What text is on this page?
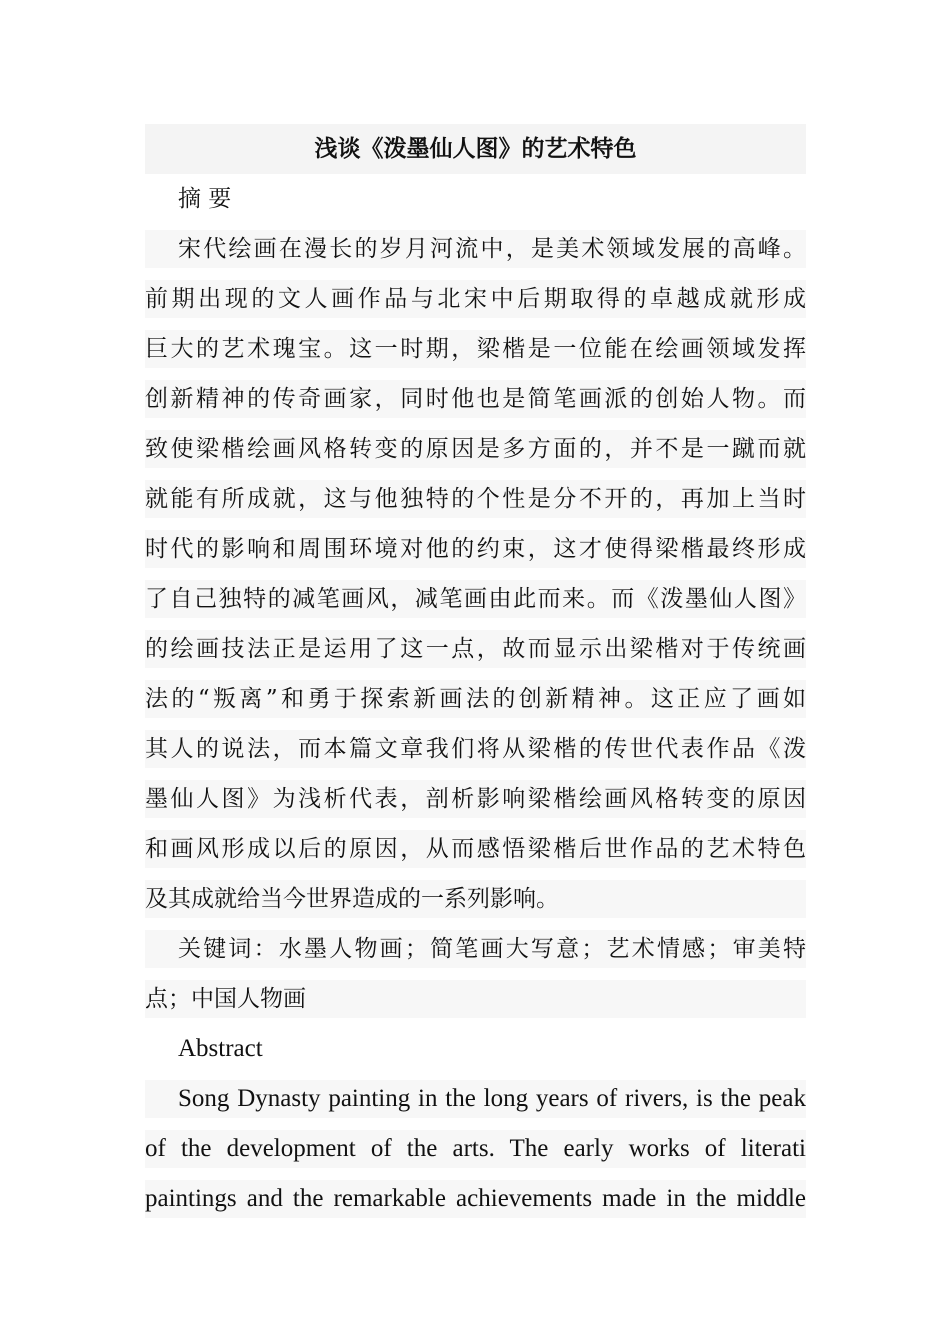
浅谈《泼墨仙人图》的艺术特色
摘 要
宋代绘画在漫长的岁月河流中，是美术领域发展的高峰。
前期出现的文人画作品与北宋中后期取得的卓越成就形成
巨大的艺术瑰宝。这一时期，梁楷是一位能在绘画领域发挥
创新精神的传奇画家，同时他也是简笔画派的创始人物。而
致使梁楷绘画风格转变的原因是多方面的，并不是一蹴而就
就能有所成就，这与他独特的个性是分不开的，再加上当时
时代的影响和周围环境对他的约束，这才使得梁楷最终形成
了自己独特的减笔画风，减笔画由此而来。而《泼墨仙人图》
的绘画技法正是运用了这一点，故而显示出梁楷对于传统画
法的“叛离”和勇于探索新画法的创新精神。这正应了画如
其人的说法，而本篇文章我们将从梁楷的传世代表作品《泼
墨仙人图》为浅析代表，剖析影响梁楷绘画风格转变的原因
和画风形成以后的原因，从而感悟梁楷后世作品的艺术特色
及其成就给当今世界造成的一系列影响。
关键词：水墨人物画；简笔画大写意；艺术情感；审美特
点；中国人物画
Abstract
Song Dynasty painting in the long years of rivers, is the peak
of the development of the arts. The early works of literati
paintings and the remarkable achievements made in the middle
